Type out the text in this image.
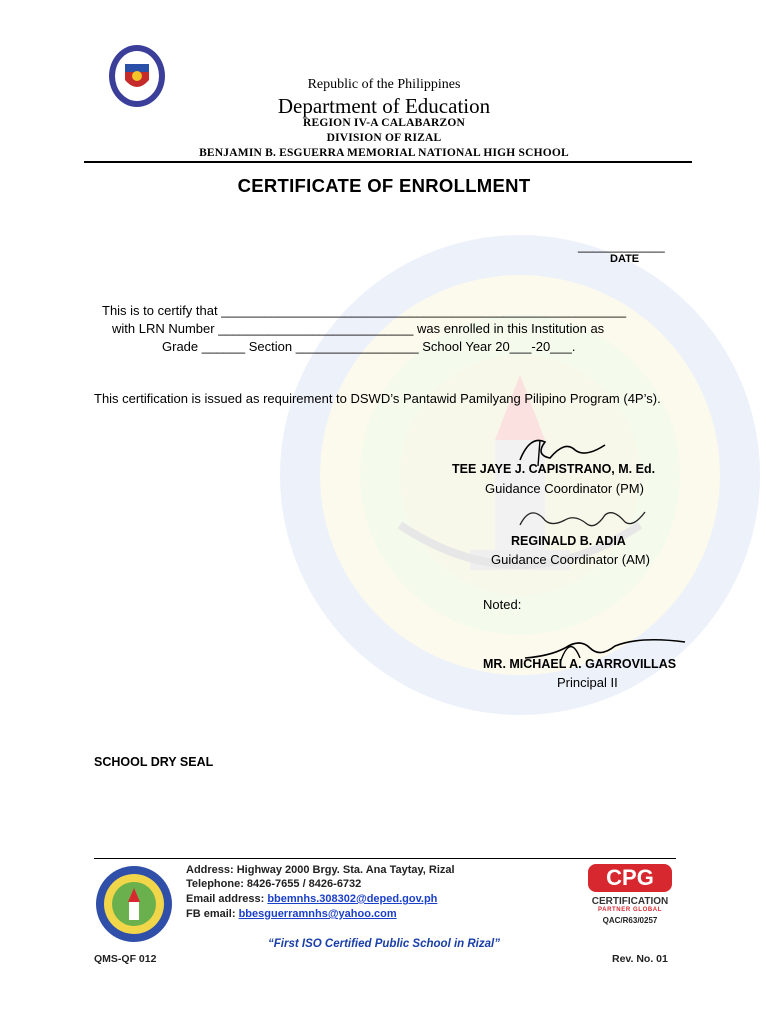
Republic of the Philippines
Department of Education
REGION IV-A CALABARZON
DIVISION OF RIZAL
BENJAMIN B. ESGUERRA MEMORIAL NATIONAL HIGH SCHOOL
CERTIFICATE OF ENROLLMENT
____________
DATE
This is to certify that ________________________________________________________
with LRN Number ___________________________ was enrolled in this Institution as
Grade ______ Section _________________ School Year 20___-20___.
This certification is issued as requirement to DSWD’s Pantawid Pamilyang Pilipino Program (4P’s).
TEE JAYE J. CAPISTRANO, M. Ed.
Guidance Coordinator (PM)
REGINALD B. ADIA
Guidance Coordinator (AM)
Noted:
MR. MICHAEL A. GARROVILLAS
Principal II
SCHOOL DRY SEAL
Address: Highway 2000 Brgy. Sta. Ana Taytay, Rizal
Telephone: 8426-7655 / 8426-6732
Email address: bbemnhs.308302@deped.gov.ph
FB email: bbesguerramnhs@yahoo.com
CPG
CERTIFICATION
PARTNER GLOBAL
QAC/R63/0257
“First ISO Certified Public School in Rizal”
QMS-QF 012	Rev. No. 01
